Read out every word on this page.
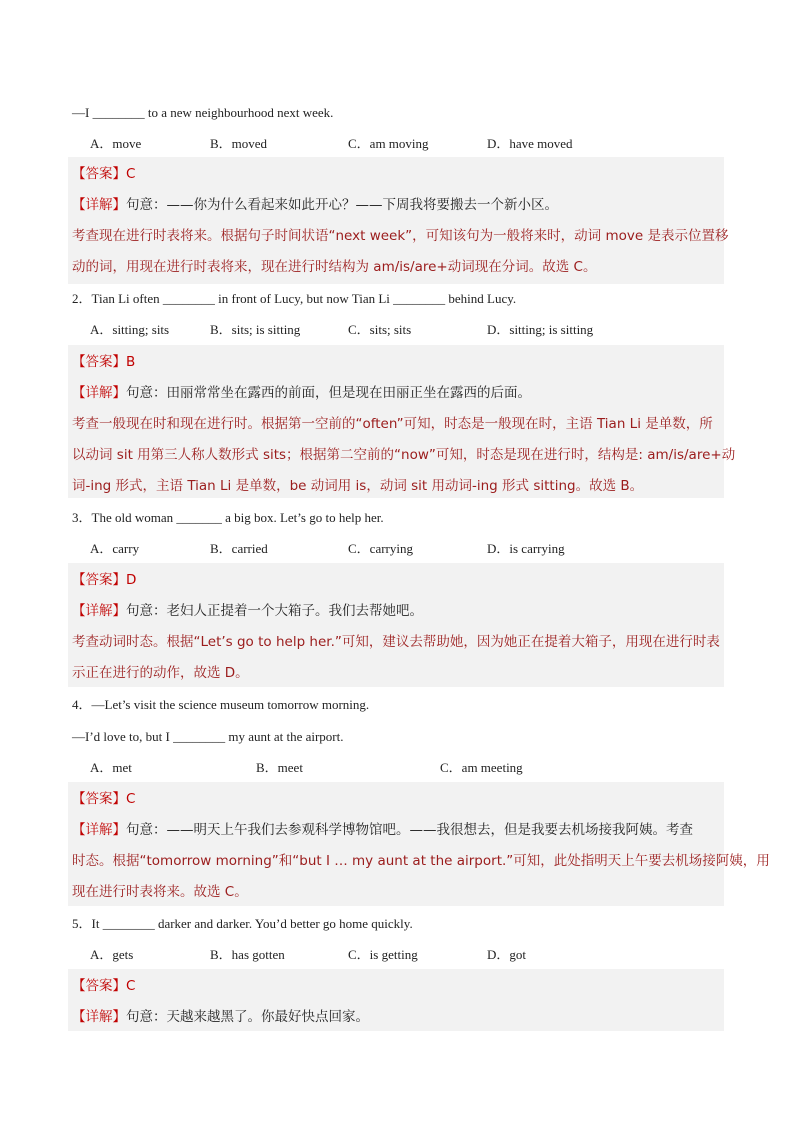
—I ________ to a new neighbourhood next week.
A．move	B．moved	C．am moving	D．have moved
【答案】C
【详解】句意：——你为什么看起来如此开心？——下周我将要搬去一个新小区。
考查现在进行时表将来。根据句子时间状语“next week”，可知该句为一般将来时，动词 move 是表示位置移
动的词，用现在进行时表将来，现在进行时结构为 am/is/are+动词现在分词。故选 C。
2．Tian Li often ________ in front of Lucy, but now Tian Li ________ behind Lucy.
A．sitting; sits	B．sits; is sitting	C．sits; sits	D．sitting; is sitting
【答案】B
【详解】句意：田丽常常坐在露西的前面，但是现在田丽正坐在露西的后面。
考查一般现在时和现在进行时。根据第一空前的“often”可知，时态是一般现在时，主语 Tian Li 是单数，所
以动词 sit 用第三人称人数形式 sits；根据第二空前的“now”可知，时态是现在进行时，结构是: am/is/are+动
词-ing 形式，主语 Tian Li 是单数，be 动词用 is，动词 sit 用动词-ing 形式 sitting。故选 B。
3．The old woman _______ a big box. Let’s go to help her.
A．carry	B．carried	C．carrying	D．is carrying
【答案】D
【详解】句意：老妇人正提着一个大箱子。我们去帮她吧。
考查动词时态。根据“Let’s go to help her.”可知，建议去帮助她，因为她正在提着大箱子，用现在进行时表
示正在进行的动作，故选 D。
4．—Let’s visit the science museum tomorrow morning.
—I’d love to, but I ________ my aunt at the airport.
A．met	B．meet	C．am meeting
【答案】C
【详解】句意：——明天上午我们去参观科学博物馆吧。——我很想去，但是我要去机场接我阿姨。考查
时态。根据“tomorrow morning”和“but I … my aunt at the airport.”可知，此处指明天上午要去机场接阿姨，用
现在进行时表将来。故选 C。
5．It ________ darker and darker. You’d better go home quickly.
A．gets	B．has gotten	C．is getting	D．got
【答案】C
【详解】句意：天越来越黑了。你最好快点回家。
